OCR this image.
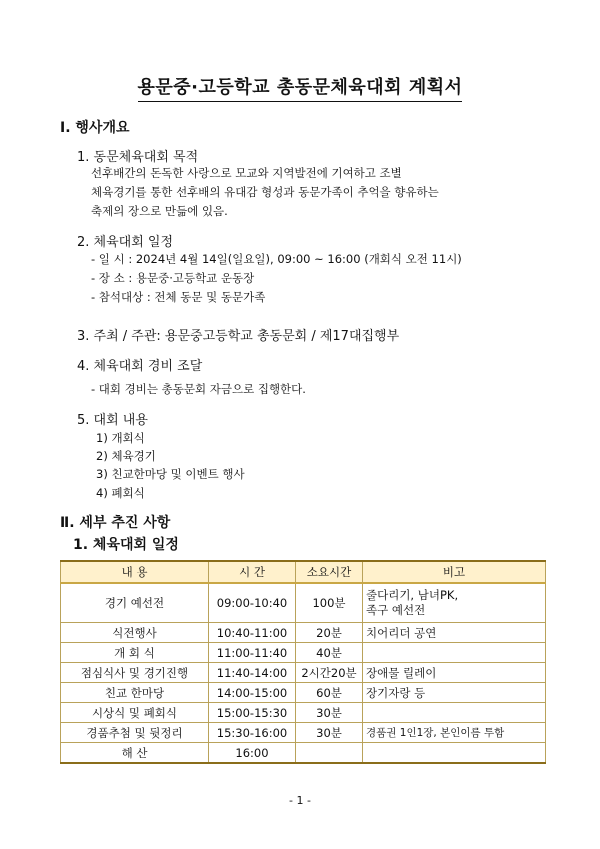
용문중·고등학교 총동문체육대회 계획서
Ⅰ. 행사개요
1. 동문체육대회 목적
선후배간의 돈독한 사랑으로 모교와 지역발전에 기여하고 조별
체육경기를 통한 선후배의 유대감 형성과 동문가족이 추억을 향유하는
축제의 장으로 만듦에 있음.
2. 체육대회 일정
- 일 시 : 2024년 4월 14일(일요일), 09:00 ~ 16:00 (개회식 오전 11시)
- 장 소 : 용문중·고등학교 운동장
- 참석대상 : 전체 동문 및 동문가족
3. 주최 / 주관: 용문중고등학교 총동문회 / 제17대집행부
4. 체육대회 경비 조달
- 대회 경비는 총동문회 자금으로 집행한다.
5. 대회 내용
1) 개회식
2) 체육경기
3) 친교한마당 및 이벤트 행사
4) 폐회식
Ⅱ. 세부 추진 사항
1. 체육대회 일정
내 용	시 간	소요시간	비고
경기 예선전	09:00-10:40	100분	줄다리기, 남녀PK,
족구 예선전
식전행사	10:40-11:00	20분	치어리더 공연
개 회 식	11:00-11:40	40분	
점심식사 및 경기진행	11:40-14:00	2시간20분	장애물 릴레이
친교 한마당	14:00-15:00	60분	장기자랑 등
시상식 및 폐회식	15:00-15:30	30분	
경품추첨 및 뒷정리	15:30-16:00	30분	경품권 1인1장, 본인이름 투함
해 산	16:00		
- 1 -
